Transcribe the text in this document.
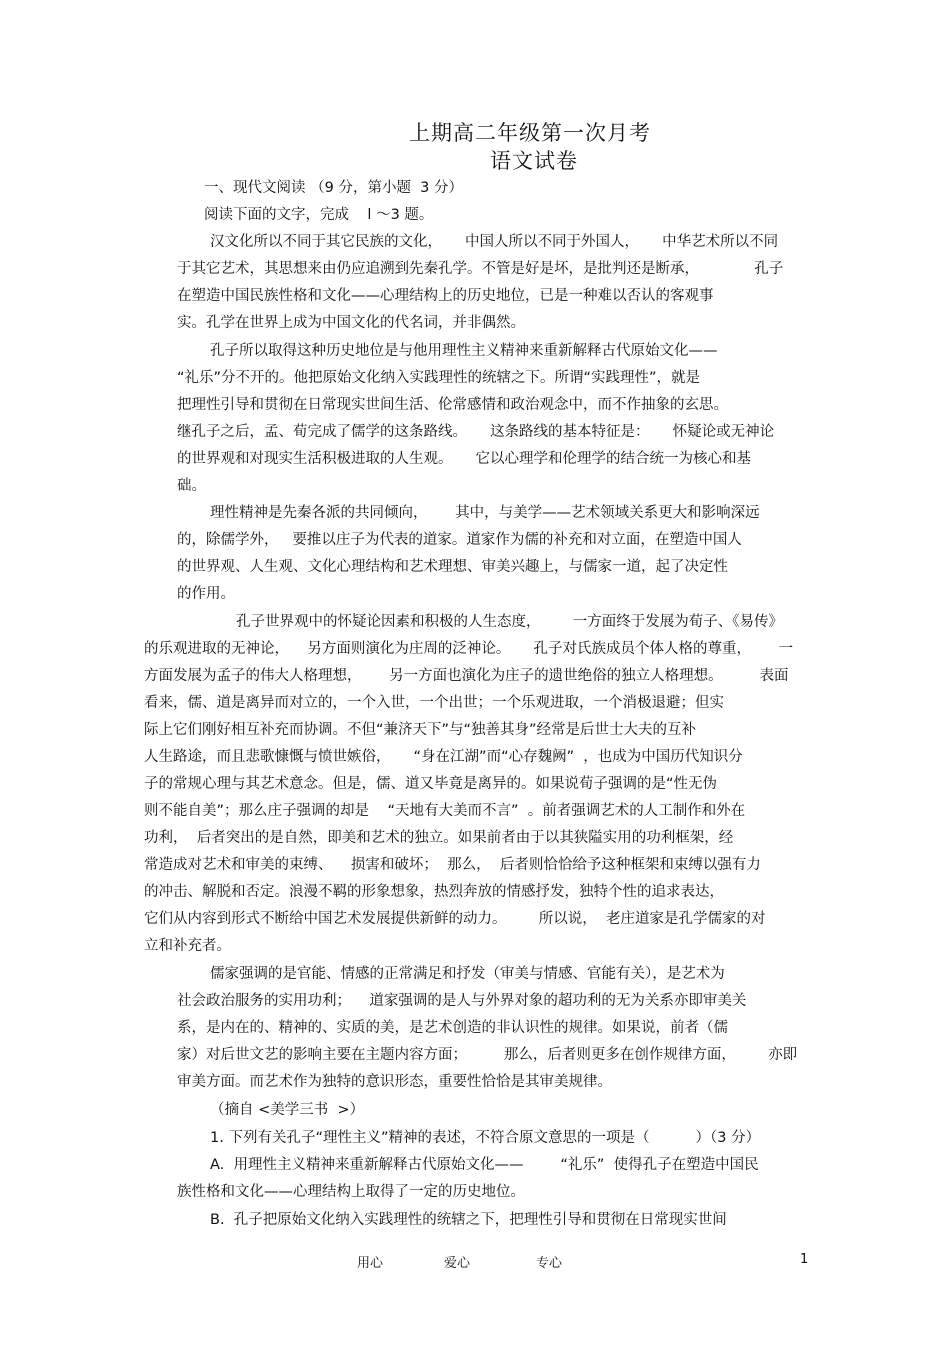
上期高二年级第一次月考
语文试卷
一、现代文阅读 （9 分，第小题  3 分）
阅读下面的文字，完成    l ～3 题。
汉文化所以不同于其它民族的文化，     中国人所以不同于外国人，     中华艺术所以不同
于其它艺术，其思想来由仍应追溯到先秦孔学。不管是好是坏，是批判还是断承，            孔子
在塑造中国民族性格和文化——心理结构上的历史地位，已是一种难以否认的客观事
实。孔学在世界上成为中国文化的代名词，并非偶然。
孔子所以取得这种历史地位是与他用理性主义精神来重新解释古代原始文化——
“礼乐”分不开的。他把原始文化纳入实践理性的统辖之下。所谓“实践理性”，就是
把理性引导和贯彻在日常现实世间生活、伦常感情和政治观念中，而不作抽象的玄思。
继孔子之后，孟、荀完成了儒学的这条路线。     这条路线的基本特征是：     怀疑论或无神论
的世界观和对现实生活积极进取的人生观。     它以心理学和伦理学的结合统一为核心和基
础。
理性精神是先秦各派的共同倾向，      其中，与美学——艺术领域关系更大和影响深远
的，除儒学外，   要推以庄子为代表的道家。道家作为儒的补充和对立面，在塑造中国人
的世界观、人生观、文化心理结构和艺术理想、审美兴趣上，与儒家一道，起了决定性
的作用。
孔子世界观中的怀疑论因素和积极的人生态度，       一方面终于发展为荀子、《易传》
的乐观进取的无神论，    另方面则演化为庄周的泛神论。     孔子对氏族成员个体人格的尊重，      一
方面发展为孟子的伟大人格理想，      另一方面也演化为庄子的遗世绝俗的独立人格理想。        表面
看来，儒、道是离异而对立的，一个入世，一个出世；一个乐观进取，一个消极退避；但实
际上它们刚好相互补充而协调。不但“兼济天下”与“独善其身”经常是后世士大夫的互补
人生路途，而且悲歌慷慨与愤世嫉俗，     “身在江湖”而“心存魏阙”  ，也成为中国历代知识分
子的常规心理与其艺术意念。但是，儒、道又毕竟是离异的。如果说荀子强调的是“性无伪
则不能自美”；那么庄子强调的却是    “天地有大美而不言”  。前者强调艺术的人工制作和外在
功利，  后者突出的是自然，即美和艺术的独立。如果前者由于以其狭隘实用的功利框架，经
常造成对艺术和审美的束缚、    损害和破坏；  那么，  后者则恰恰给予这种框架和束缚以强有力
的冲击、解脱和否定。浪漫不羁的形象想象，热烈奔放的情感抒发，独特个性的追求表达，
它们从内容到形式不断给中国艺术发展提供新鲜的动力。       所以说，  老庄道家是孔学儒家的对
立和补充者。
儒家强调的是官能、情感的正常满足和抒发（审美与情感、官能有关），是艺术为
社会政治服务的实用功利；    道家强调的是人与外界对象的超功利的无为关系亦即审美关
系，是内在的、精神的、实质的美，是艺术创造的非认识性的规律。如果说，前者（儒
家）对后世文艺的影响主要在主题内容方面；        那么，后者则更多在创作规律方面，       亦即
审美方面。而艺术作为独特的意识形态，重要性恰恰是其审美规律。
（摘自 <美学三书  >）
1. 下列有关孔子“理性主义”精神的表述，不符合原文意思的一项是（          ）（3 分）
A.  用理性主义精神来重新解释古代原始文化——        “礼乐”  使得孔子在塑造中国民
族性格和文化——心理结构上取得了一定的历史地位。
B.  孔子把原始文化纳入实践理性的统辖之下，把理性引导和贯彻在日常现实世间
用心	爱心	专心	1
